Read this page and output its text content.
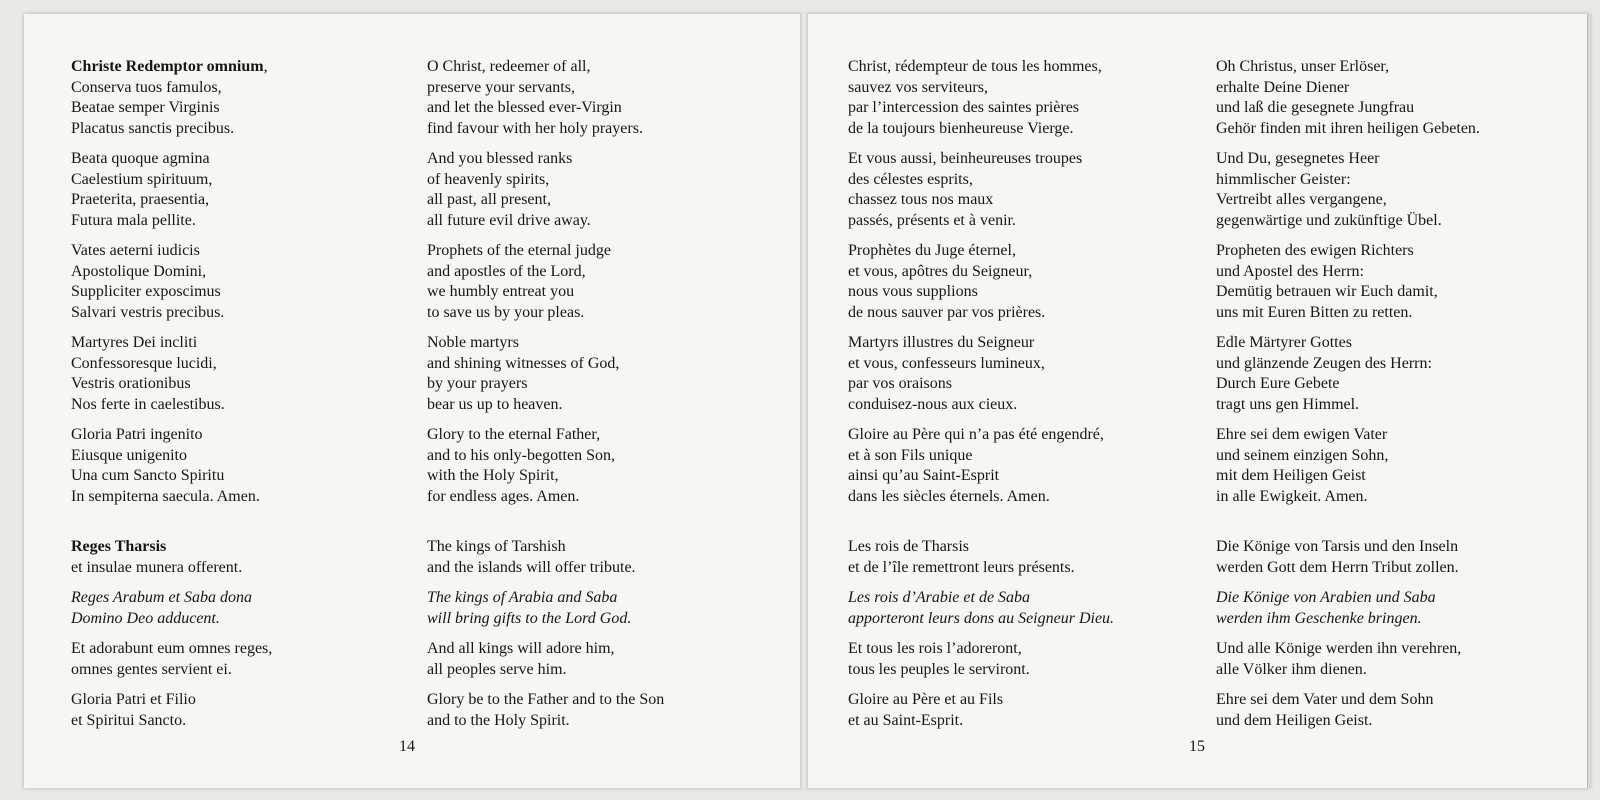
Christe Redemptor omnium,
Conserva tuos famulos,
Beatae semper Virginis
Placatus sanctis precibus.
Beata quoque agmina
Caelestium spirituum,
Praeterita, praesentia,
Futura mala pellite.
Vates aeterni iudicis
Apostolique Domini,
Suppliciter exposcimus
Salvari vestris precibus.
Martyres Dei incliti
Confessoresque lucidi,
Vestris orationibus
Nos ferte in caelestibus.
Gloria Patri ingenito
Eiusque unigenito
Una cum Sancto Spiritu
In sempiterna saecula. Amen.
Reges Tharsis
et insulae munera offerent.
Reges Arabum et Saba dona
Domino Deo adducent.
Et adorabunt eum omnes reges,
omnes gentes servient ei.
Gloria Patri et Filio
et Spiritui Sancto.
O Christ, redeemer of all,
preserve your servants,
and let the blessed ever-Virgin
find favour with her holy prayers.
And you blessed ranks
of heavenly spirits,
all past, all present,
all future evil drive away.
Prophets of the eternal judge
and apostles of the Lord,
we humbly entreat you
to save us by your pleas.
Noble martyrs
and shining witnesses of God,
by your prayers
bear us up to heaven.
Glory to the eternal Father,
and to his only-begotten Son,
with the Holy Spirit,
for endless ages. Amen.
The kings of Tarshish
and the islands will offer tribute.
The kings of Arabia and Saba
will bring gifts to the Lord God.
And all kings will adore him,
all peoples serve him.
Glory be to the Father and to the Son
and to the Holy Spirit.
14
Christ, rédempteur de tous les hommes,
sauvez vos serviteurs,
par l’intercession des saintes prières
de la toujours bienheureuse Vierge.
Et vous aussi, beinheureuses troupes
des célestes esprits,
chassez tous nos maux
passés, présents et à venir.
Prophètes du Juge éternel,
et vous, apôtres du Seigneur,
nous vous supplions
de nous sauver par vos prières.
Martyrs illustres du Seigneur
et vous, confesseurs lumineux,
par vos oraisons
conduisez-nous aux cieux.
Gloire au Père qui n’a pas été engendré,
et à son Fils unique
ainsi qu’au Saint-Esprit
dans les siècles éternels. Amen.
Les rois de Tharsis
et de l’île remettront leurs présents.
Les rois d’Arabie et de Saba
apporteront leurs dons au Seigneur Dieu.
Et tous les rois l’adoreront,
tous les peuples le serviront.
Gloire au Père et au Fils
et au Saint-Esprit.
Oh Christus, unser Erlöser,
erhalte Deine Diener
und laß die gesegnete Jungfrau
Gehör finden mit ihren heiligen Gebeten.
Und Du, gesegnetes Heer
himmlischer Geister:
Vertreibt alles vergangene,
gegenwärtige und zukünftige Übel.
Propheten des ewigen Richters
und Apostel des Herrn:
Demütig betrauen wir Euch damit,
uns mit Euren Bitten zu retten.
Edle Märtyrer Gottes
und glänzende Zeugen des Herrn:
Durch Eure Gebete
tragt uns gen Himmel.
Ehre sei dem ewigen Vater
und seinem einzigen Sohn,
mit dem Heiligen Geist
in alle Ewigkeit. Amen.
Die Könige von Tarsis und den Inseln
werden Gott dem Herrn Tribut zollen.
Die Könige von Arabien und Saba
werden ihm Geschenke bringen.
Und alle Könige werden ihn verehren,
alle Völker ihm dienen.
Ehre sei dem Vater und dem Sohn
und dem Heiligen Geist.
15
